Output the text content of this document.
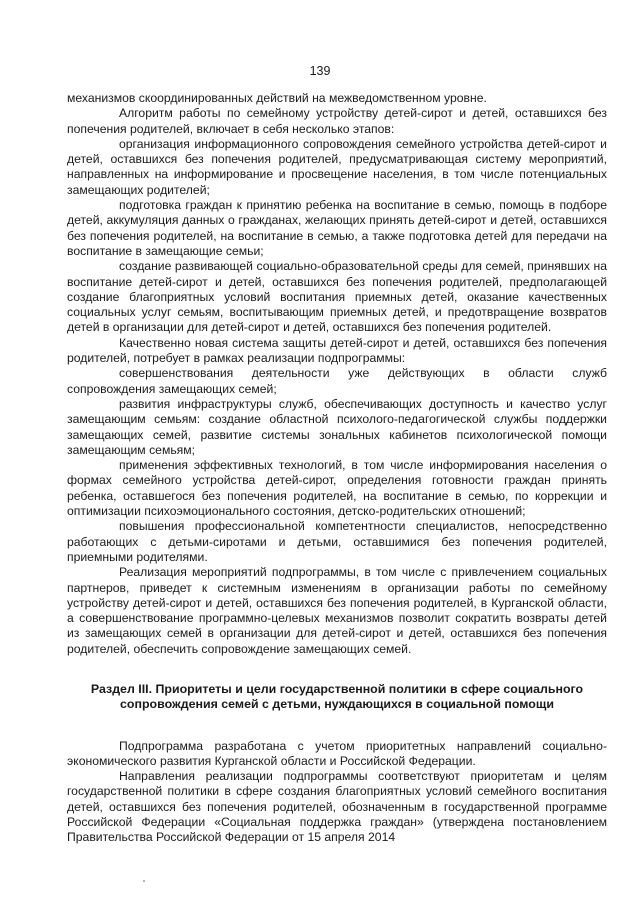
139

механизмов скоординированных действий на межведомственном уровне.

Алгоритм работы по семейному устройству детей-сирот и детей, оставшихся без попечения родителей, включает в себя несколько этапов:

организация информационного сопровождения семейного устройства детей-сирот и детей, оставшихся без попечения родителей, предусматривающая систему мероприятий, направленных на информирование и просвещение населения, в том числе потенциальных замещающих родителей;

подготовка граждан к принятию ребенка на воспитание в семью, помощь в подборе детей, аккумуляция данных о гражданах, желающих принять детей-сирот и детей, оставшихся без попечения родителей, на воспитание в семью, а также подготовка детей для передачи на воспитание в замещающие семьи;

создание развивающей социально-образовательной среды для семей, принявших на воспитание детей-сирот и детей, оставшихся без попечения родителей, предполагающей создание благоприятных условий воспитания приемных детей, оказание качественных социальных услуг семьям, воспитывающим приемных детей, и предотвращение возвратов детей в организации для детей-сирот и детей, оставшихся без попечения родителей.

Качественно новая система защиты детей-сирот и детей, оставшихся без попечения родителей, потребует в рамках реализации подпрограммы:

совершенствования деятельности уже действующих в области служб сопровождения замещающих семей;

развития инфраструктуры служб, обеспечивающих доступность и качество услуг замещающим семьям: создание областной психолого-педагогической службы поддержки замещающих семей, развитие системы зональных кабинетов психологической помощи замещающим семьям;

применения эффективных технологий, в том числе информирования населения о формах семейного устройства детей-сирот, определения готовности граждан принять ребенка, оставшегося без попечения родителей, на воспитание в семью, по коррекции и оптимизации психоэмоционального состояния, детско-родительских отношений;

повышения профессиональной компетентности специалистов, непосредственно работающих с детьми-сиротами и детьми, оставшимися без попечения родителей, приемными родителями.

Реализация мероприятий подпрограммы, в том числе с привлечением социальных партнеров, приведет к системным изменениям в организации работы по семейному устройству детей-сирот и детей, оставшихся без попечения родителей, в Курганской области, а совершенствование программно-целевых механизмов позволит сократить возвраты детей из замещающих семей в организации для детей-сирот и детей, оставшихся без попечения родителей, обеспечить сопровождение замещающих семей.

Раздел III. Приоритеты и цели государственной политики в сфере социального сопровождения семей с детьми, нуждающихся в социальной помощи

Подпрограмма разработана с учетом приоритетных направлений социально-экономического развития Курганской области и Российской Федерации.

Направления реализации подпрограммы соответствуют приоритетам и целям государственной политики в сфере создания благоприятных условий семейного воспитания детей, оставшихся без попечения родителей, обозначенным в государственной программе Российской Федерации «Социальная поддержка граждан» (утверждена постановлением Правительства Российской Федерации от 15 апреля 2014
